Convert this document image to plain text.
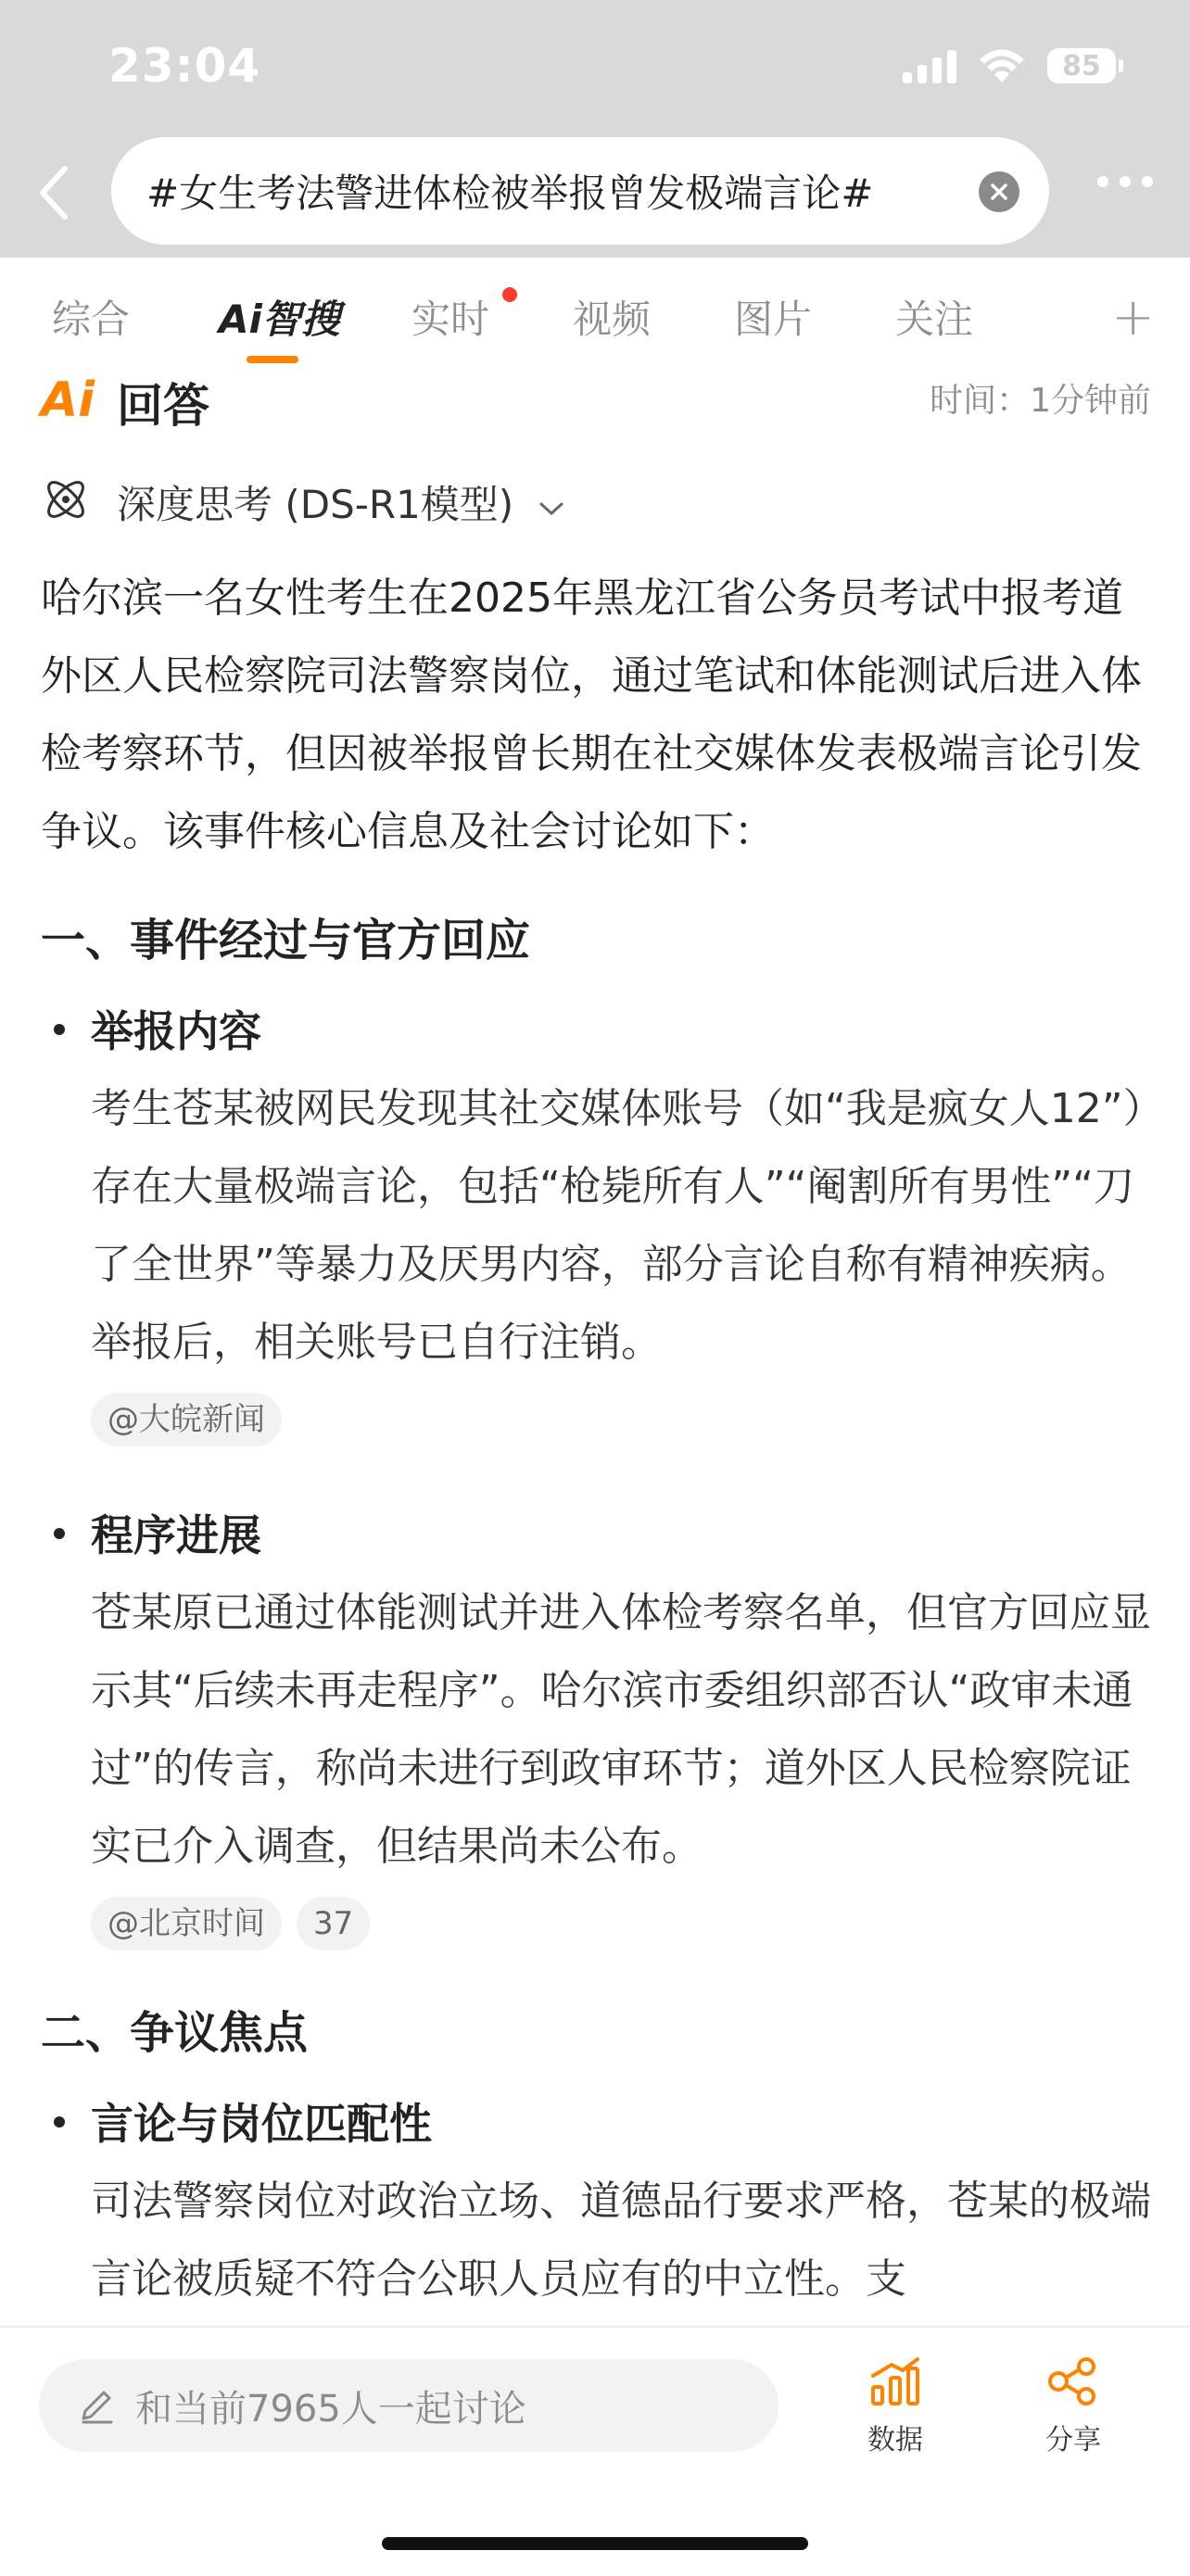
23:04	85
#女生考法警进体检被举报曾发极端言论#
综合 Ai智搜 实时 视频 图片 关注	+
Ai 回答	时间：1分钟前
深度思考 (DS-R1模型)

哈尔滨一名女性考生在2025年黑龙江省公务员考试中报考道外区人民检察院司法警察岗位，通过笔试和体能测试后进入体检考察环节，但因被举报曾长期在社交媒体发表极端言论引发争议。该事件核心信息及社会讨论如下：

一、事件经过与官方回应

举报内容

考生苍某被网民发现其社交媒体账号（如“我是疯女人12”）存在大量极端言论，包括“枪毙所有人”“阉割所有男性”“刀了全世界”等暴力及厌男内容，部分言论自称有精神疾病。举报后，相关账号已自行注销。

@大皖新闻
程序进展

苍某原已通过体能测试并进入体检考察名单，但官方回应显示其“后续未再走程序”。哈尔滨市委组织部否认“政审未通过”的传言，称尚未进行到政审环节；道外区人民检察院证实已介入调查，但结果尚未公布。

@北京时间	37

二、争议焦点

言论与岗位匹配性

司法警察岗位对政治立场、道德品行要求严格，苍某的极端言论被质疑不符合公职人员应有的中立性。支

和当前7965人一起讨论
数据	分享
